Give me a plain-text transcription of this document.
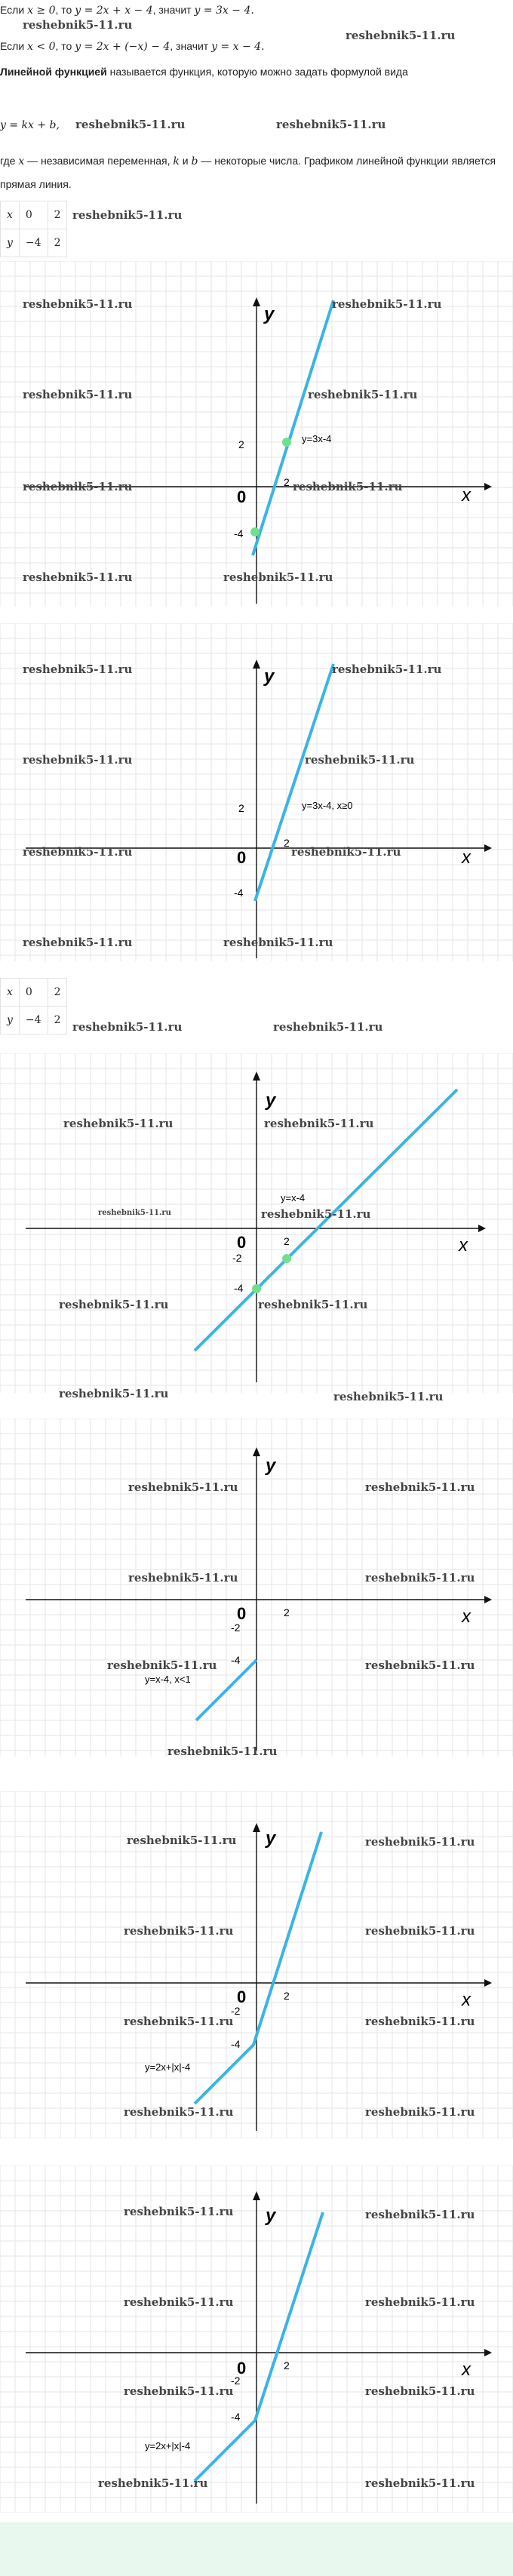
Если x ≥ 0, то y = 2x + x − 4, значит y = 3x − 4.
reshebnik5-11.ru
Если x < 0, то y = 2x + (−x) − 4, значит y = x − 4.
reshebnik5-11.ru
Линейной функцией называется функция, которую можно задать формулой вида
y = kx + b,	reshebnik5-11.ru	reshebnik5-11.ru
где x — независимая переменная, k и b — некоторые числа. Графиком линейной функции является прямая линия.
x	0	2
y	−4	2
reshebnik5-11.ru
y
x
0
2
2
-4
y=3x-4
reshebnik5-11.ru	reshebnik5-11.ru
reshebnik5-11.ru	reshebnik5-11.ru
reshebnik5-11.ru	reshebnik5-11.ru
reshebnik5-11.ru	reshebnik5-11.ru
y
x
0
2
2
-4
y=3x-4, x≥0
reshebnik5-11.ru	reshebnik5-11.ru
reshebnik5-11.ru	reshebnik5-11.ru
reshebnik5-11.ru	reshebnik5-11.ru
reshebnik5-11.ru	reshebnik5-11.ru
x	0	2
y	−4	2 reshebnik5-11.ru	reshebnik5-11.ru
y
x
0
-2
2
-4
y=x-4
reshebnik5-11.ru	reshebnik5-11.ru
reshebnik5-11.ru	reshebnik5-11.ru
reshebnik5-11.ru	reshebnik5-11.ru
reshebnik5-11.ru	reshebnik5-11.ru
y
x
0
-2
2
-4
y=x-4, x<1
reshebnik5-11.ru	reshebnik5-11.ru
reshebnik5-11.ru	reshebnik5-11.ru
reshebnik5-11.ru	reshebnik5-11.ru
reshebnik5-11.ru
y
x
0
-2
2
-4
y=2x+|x|-4
reshebnik5-11.ru	reshebnik5-11.ru
reshebnik5-11.ru	reshebnik5-11.ru
reshebnik5-11.ru	reshebnik5-11.ru
reshebnik5-11.ru	reshebnik5-11.ru
y
x
0
-2
2
-4
y=2x+|x|-4
reshebnik5-11.ru	reshebnik5-11.ru
reshebnik5-11.ru	reshebnik5-11.ru
reshebnik5-11.ru	reshebnik5-11.ru
reshebnik5-11.ru	reshebnik5-11.ru
